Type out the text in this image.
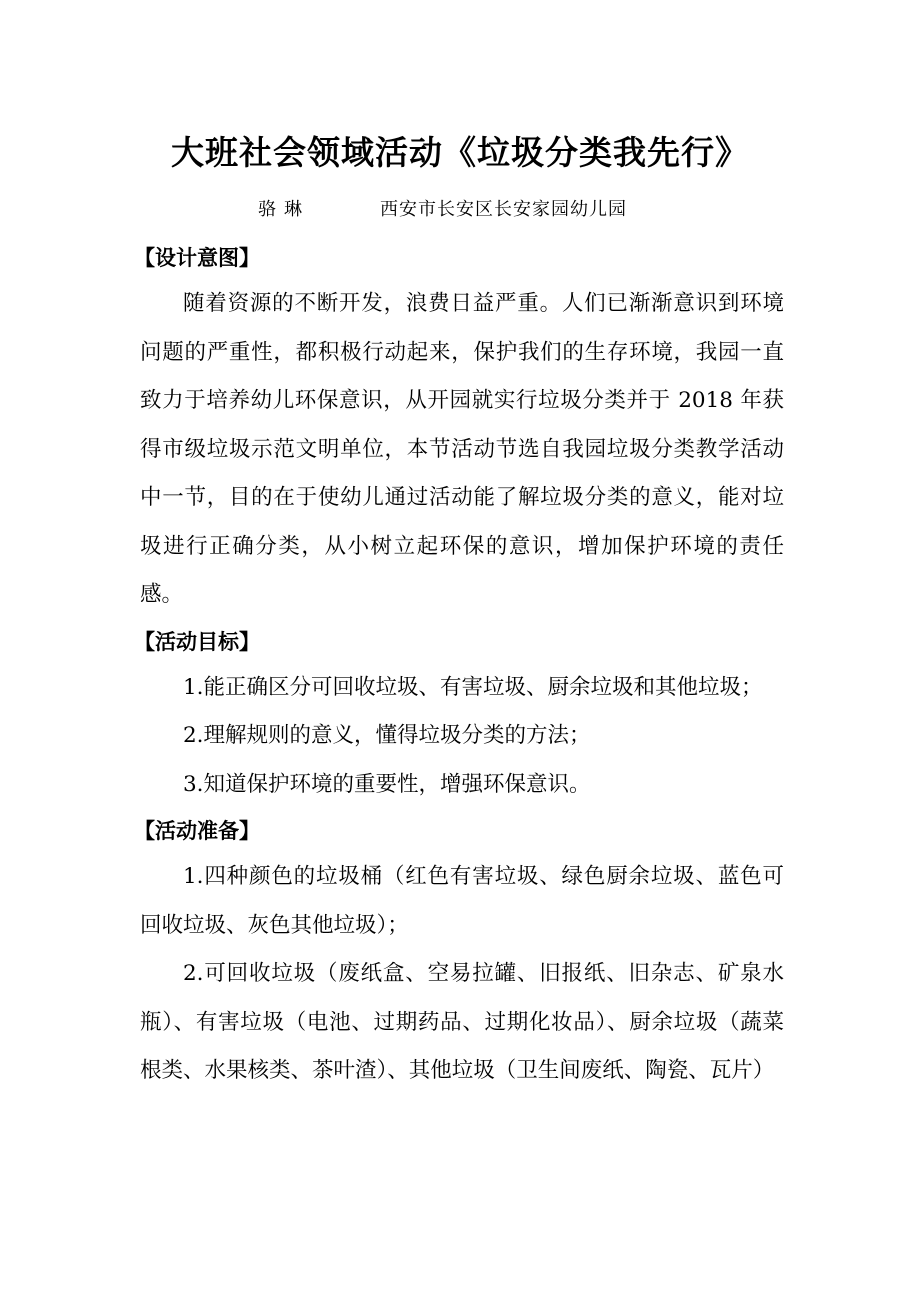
大班社会领域活动《垃圾分类我先行》
骆琳	西安市长安区长安家园幼儿园
【设计意图】

随着资源的不断开发，浪费日益严重。人们已渐渐意识到环境问题的严重性，都积极行动起来，保护我们的生存环境，我园一直致力于培养幼儿环保意识，从开园就实行垃圾分类并于 2018 年获得市级垃圾示范文明单位，本节活动节选自我园垃圾分类教学活动中一节，目的在于使幼儿通过活动能了解垃圾分类的意义，能对垃圾进行正确分类，从小树立起环保的意识，增加保护环境的责任感。

【活动目标】

1.能正确区分可回收垃圾、有害垃圾、厨余垃圾和其他垃圾；

2.理解规则的意义，懂得垃圾分类的方法；

3.知道保护环境的重要性，增强环保意识。

【活动准备】

1.四种颜色的垃圾桶（红色有害垃圾、绿色厨余垃圾、蓝色可回收垃圾、灰色其他垃圾）；

2.可回收垃圾（废纸盒、空易拉罐、旧报纸、旧杂志、矿泉水瓶）、有害垃圾（电池、过期药品、过期化妆品）、厨余垃圾（蔬菜根类、水果核类、茶叶渣）、其他垃圾（卫生间废纸、陶瓷、瓦片）
